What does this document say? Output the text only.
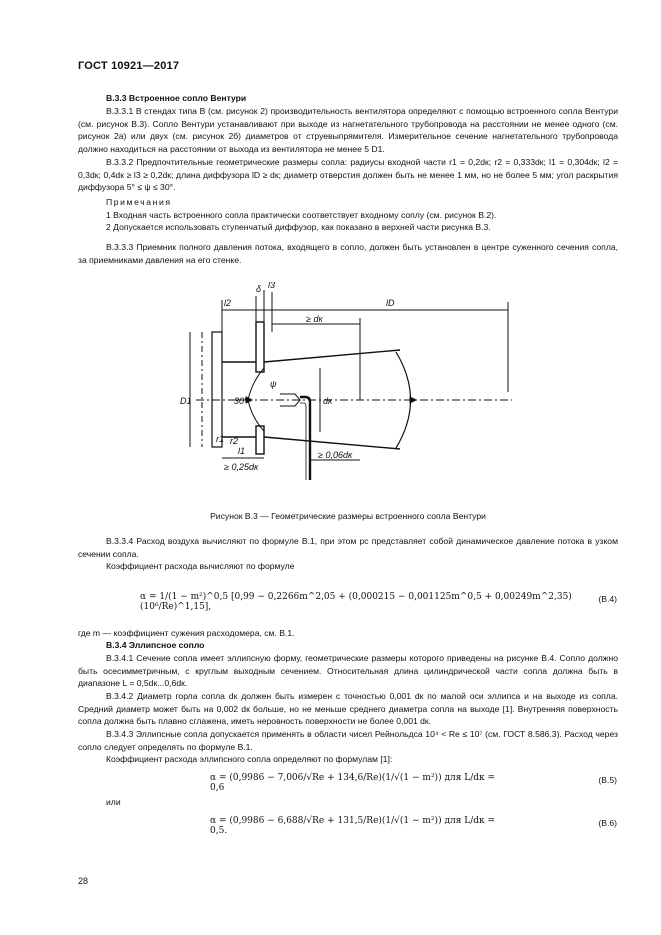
ГОСТ 10921—2017
В.3.3 Встроенное сопло Вентури
В.3.3.1 В стендах типа В (см. рисунок 2) производительность вентилятора определяют с помощью встроенного сопла Вентури (см. рисунок В.3). Сопло Вентури устанавливают при выходе из нагнетательного трубопровода на расстоянии не менее одного (см. рисунок 2а) или двух (см. рисунок 2б) диаметров от струевыпрямителя. Измерительное сечение нагнетательного трубопровода должно находиться на расстоянии от выхода из вентилятора не менее 5 D1.
В.3.3.2 Предпочтительные геометрические размеры сопла: радиусы входной части r1 = 0,2dк; r2 = 0,333dк; l1 = 0,304dк; l2 = 0,3dк; 0,4dк ≥ l3 ≥ 0,2dк; длина диффузора lD ≥ dк; диаметр отверстия должен быть не менее 1 мм, но не более 5 мм; угол раскрытия диффузора 5° ≤ ψ ≤ 30°.
Примечания
1 Входная часть встроенного сопла практически соответствует входному соплу (см. рисунок В.2).
2 Допускается использовать ступенчатый диффузор, как показано в верхней части рисунка В.3.
В.3.3.3 Приемник полного давления потока, входящего в сопло, должен быть установлен в центре суженного сечения сопла, за приемниками давления на его стенке.
δ l3
l2	lD
≥ dк
D1	dк
ψ
30°
r1 r2
l1
≥ 0,25dк
≥ 0,06dк
Рисунок В.3 — Геометрические размеры встроенного сопла Вентури
В.3.3.4 Расход воздуха вычисляют по формуле В.1, при этом pс представляет собой динамическое давление потока в узком сечении сопла.
Коэффициент расхода вычисляют по формуле
α = 1/(1 − m²)^0,5 [0,99 − 0,2266m^2,05 + (0,000215 − 0,001125m^0,5 + 0,00249m^2,35)(10⁶/Re)^1,15],
(В.4)
где m — коэффициент сужения расходомера, см. В.1.
В.3.4 Эллипсное сопло
В.3.4.1 Сечение сопла имеет эллипсную форму, геометрические размеры которого приведены на рисунке В.4. Сопло должно быть осесимметричным, с круглым выходным сечением. Относительная длина цилиндрической части сопла должна быть в диапазоне L = 0,5dк...0,6dк.
В.3.4.2 Диаметр горла сопла dк должен быть измерен с точностью 0,001 dк по малой оси эллипса и на выходе из сопла. Средний диаметр может быть на 0,002 dк больше, но не меньше среднего диаметра сопла на выходе [1]. Внутренняя поверхность сопла должна быть плавно сглажена, иметь неровность поверхности не более 0,001 dк.
В.3.4.3 Эллипсные сопла допускается применять в области чисел Рейнольдса 10⁴ < Re ≤ 10⁷ (см. ГОСТ 8.586.3). Расход через сопло следует определять по формуле В.1.
Коэффициент расхода эллипсного сопла определяют по формулам [1]:
α = (0,9986 − 7,006/√Re + 134,6/Re)(1/√(1 − m²)) для L/dк = 0,6
(В.5)
или
α = (0,9986 − 6,688/√Re + 131,5/Re)(1/√(1 − m²)) для L/dк = 0,5.
(В.6)
28
